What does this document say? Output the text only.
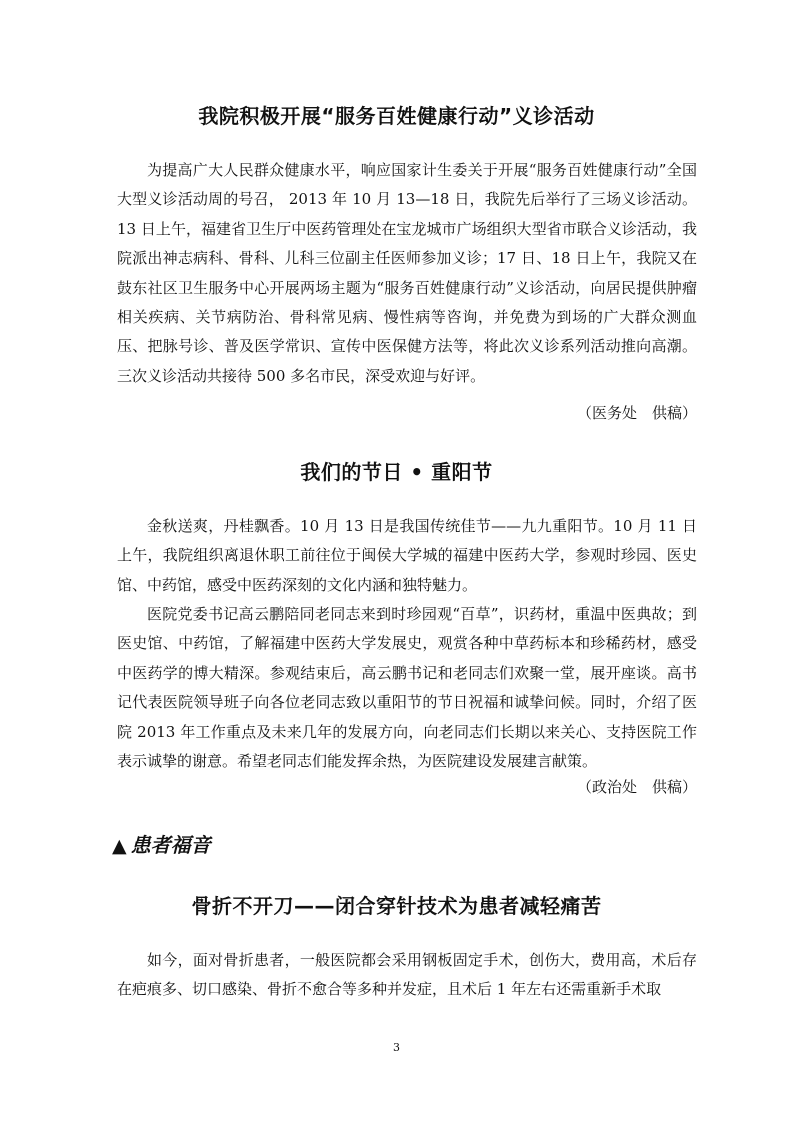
我院积极开展“服务百姓健康行动”义诊活动

为提高广大人民群众健康水平，响应国家计生委关于开展“服务百姓健康行动”全国大型义诊活动周的号召， 2013 年 10 月 13—18 日，我院先后举行了三场义诊活动。13 日上午，福建省卫生厅中医药管理处在宝龙城市广场组织大型省市联合义诊活动，我院派出神志病科、骨科、儿科三位副主任医师参加义诊；17 日、18 日上午，我院又在鼓东社区卫生服务中心开展两场主题为“服务百姓健康行动”义诊活动，向居民提供肿瘤相关疾病、关节病防治、骨科常见病、慢性病等咨询，并免费为到场的广大群众测血压、把脉号诊、普及医学常识、宣传中医保健方法等，将此次义诊系列活动推向高潮。三次义诊活动共接待 500 多名市民，深受欢迎与好评。

（医务处　供稿）
我们的节日 • 重阳节

金秋送爽，丹桂飘香。10 月 13 日是我国传统佳节——九九重阳节。10 月 11 日上午，我院组织离退休职工前往位于闽侯大学城的福建中医药大学，参观时珍园、医史馆、中药馆，感受中医药深刻的文化内涵和独特魅力。

医院党委书记高云鹏陪同老同志来到时珍园观“百草”，识药材，重温中医典故；到医史馆、中药馆，了解福建中医药大学发展史，观赏各种中草药标本和珍稀药材，感受中医药学的博大精深。参观结束后，高云鹏书记和老同志们欢聚一堂，展开座谈。高书记代表医院领导班子向各位老同志致以重阳节的节日祝福和诚挚问候。同时，介绍了医院 2013 年工作重点及未来几年的发展方向，向老同志们长期以来关心、支持医院工作表示诚挚的谢意。希望老同志们能发挥余热，为医院建设发展建言献策。

（政治处　供稿）
▲ 患者福音
骨折不开刀——闭合穿针技术为患者减轻痛苦

如今，面对骨折患者，一般医院都会采用钢板固定手术，创伤大，费用高，术后存在疤痕多、切口感染、骨折不愈合等多种并发症，且术后 1 年左右还需重新手术取

3
